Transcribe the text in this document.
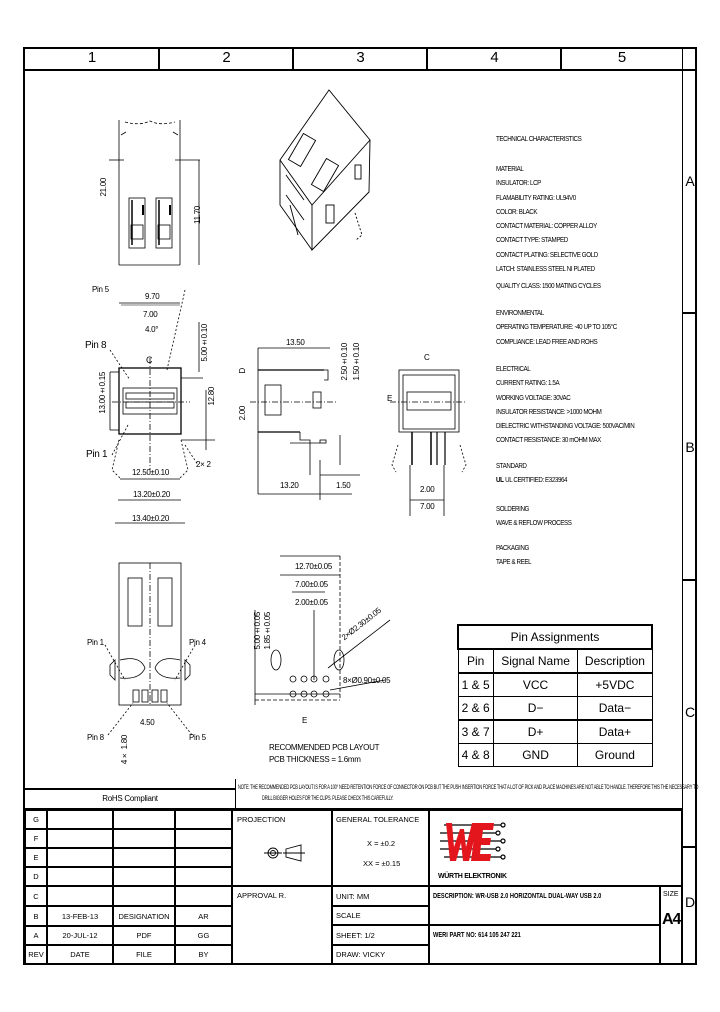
1	2	3	4	5
A
B
C
D
21.00
11.70
Pin 5
9.70
7.00
4.0°
Pin 8
C
13.00±0.15
5.00±0.10
12.80
Pin 1
2× 2
12.50±0.10
13.20±0.20
13.40±0.20
13.50
D
2.00
2.50±0.10 1.50±0.10
13.20	1.50
C
E
2.00
7.00
Pin 1	Pin 4
4.50
Pin 8	Pin 5
4× 1.80
12.70±0.05
7.00±0.05
2.00±0.05
5.00±0.05 1.85±0.05	2×Ø2.30±0.05
8×Ø0.90±0.05
E
RECOMMENDED PCB LAYOUT
PCB THICKNESS = 1.6mm
TECHNICAL CHARACTERISTICS
MATERIAL
INSULATOR: LCP
FLAMABILITY RATING: UL94V0
COLOR: BLACK
CONTACT MATERIAL: COPPER ALLOY
CONTACT TYPE: STAMPED
CONTACT PLATING: SELECTIVE GOLD
LATCH: STAINLESS STEEL NI PLATED
QUALITY CLASS: 1500 MATING CYCLES
ENVIRONMENTAL
OPERATING TEMPERATURE: -40 UP TO 105°C
COMPLIANCE: LEAD FREE AND ROHS
ELECTRICAL
CURRENT RATING: 1.5A
WORKING VOLTAGE: 30VAC
INSULATOR RESISTANCE: >1000 MOHM
DIELECTRIC WITHSTANDING VOLTAGE: 500VAC/MIN
CONTACT RESISTANCE: 30 mOHM MAX
STANDARD
UL UL CERTIFIED: E323964
SOLDERING
WAVE & REFLOW PROCESS
PACKAGING
TAPE & REEL
Pin Assignments		
Pin	Signal Name	Description
1 & 5	VCC	+5VDC
2 & 6	D−	Data−
3 & 7	D+	Data+
4 & 8	GND	Ground
RoHS Compliant
NOTE: THE RECOMMENDED PCB LAYOUT IS FOR A 100° NEED RETENTION FORCE OF CONNECTOR ON PCB BUT THE PUSH INSERTION FORCE THAT A LOT OF PICK AND PLACE MACHINES ARE NOT ABLE TO HANDLE. THEREFORE THIS THE NECESSARY TO
DRILL BIGGER HOLES FOR THE CLIPS. PLEASE CHECK THIS CAREFULLY.
G
F
E
D
C
B	13-FEB-13	DESIGNATION	AR
A	20-JUL-12	PDF	GG
REV	DATE	FILE	BY
PROJECTION
APPROVAL R.
GENERAL TOLERANCE
X = ±0.2
XX = ±0.15
WÜRTH ELEKTRONIK
UNIT: MM
SCALE
SHEET: 1/2
DRAW: VICKY
DESCRIPTION: WR-USB 2.0 HORIZONTAL DUAL-WAY USB 2.0
WERI PART NO: 614 105 247 221
SIZE
A4
